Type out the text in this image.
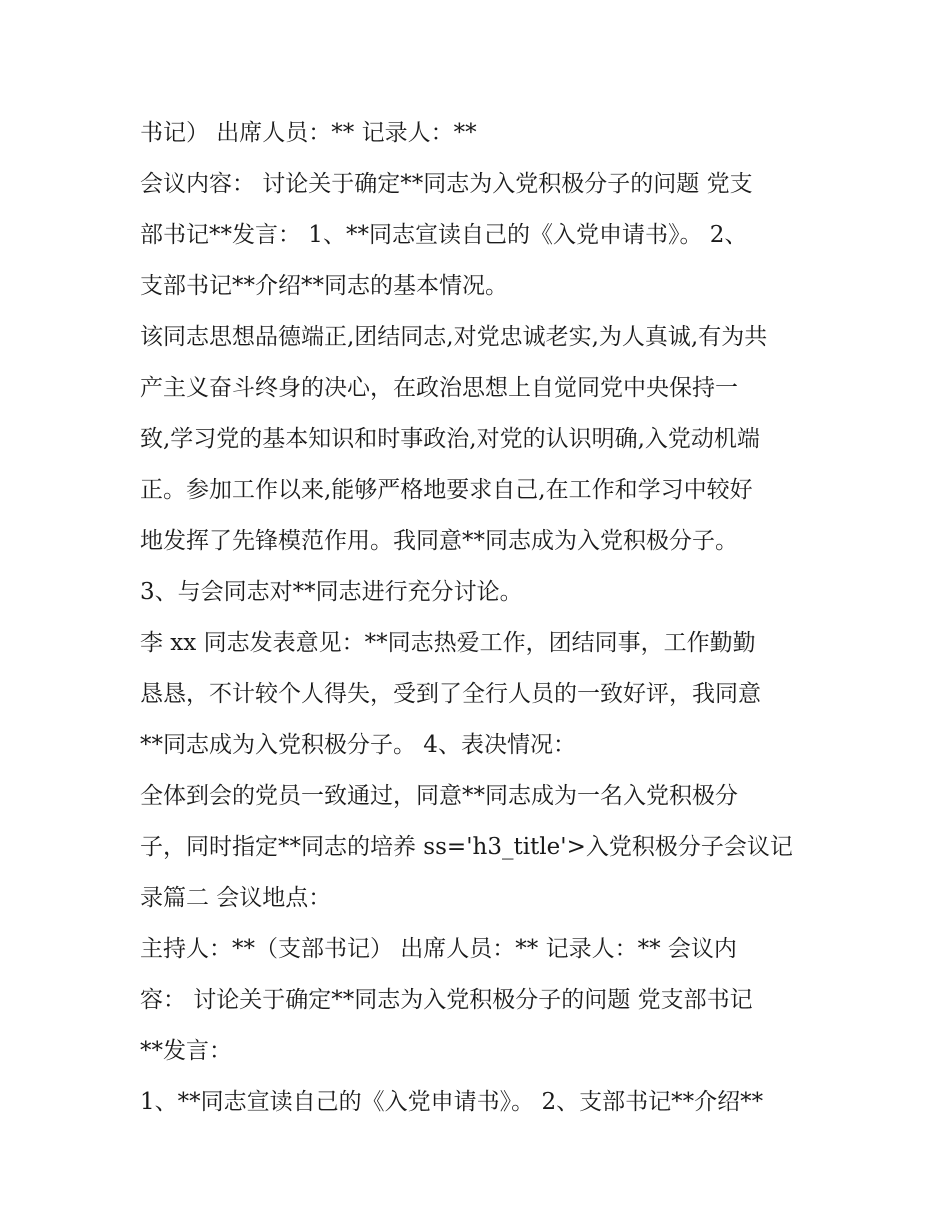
书记） 出席人员：** 记录人：**
会议内容： 讨论关于确定**同志为入党积极分子的问题 党支
部书记**发言： 1、**同志宣读自己的《入党申请书》。 2、
支部书记**介绍**同志的基本情况。
该同志思想品德端正,团结同志,对党忠诚老实,为人真诚,有为共
产主义奋斗终身的决心，在政治思想上自觉同党中央保持一
致,学习党的基本知识和时事政治,对党的认识明确,入党动机端
正。参加工作以来,能够严格地要求自己,在工作和学习中较好
地发挥了先锋模范作用。我同意**同志成为入党积极分子。
3、与会同志对**同志进行充分讨论。
李 xx 同志发表意见：**同志热爱工作，团结同事，工作勤勤
恳恳，不计较个人得失，受到了全行人员的一致好评，我同意
**同志成为入党积极分子。 4、表决情况：
全体到会的党员一致通过，同意**同志成为一名入党积极分
子，同时指定**同志的培养 ss='h3_title'>入党积极分子会议记
录篇二 会议地点：
主持人：**（支部书记） 出席人员：** 记录人：** 会议内
容： 讨论关于确定**同志为入党积极分子的问题 党支部书记
**发言：
1、**同志宣读自己的《入党申请书》。 2、支部书记**介绍**
